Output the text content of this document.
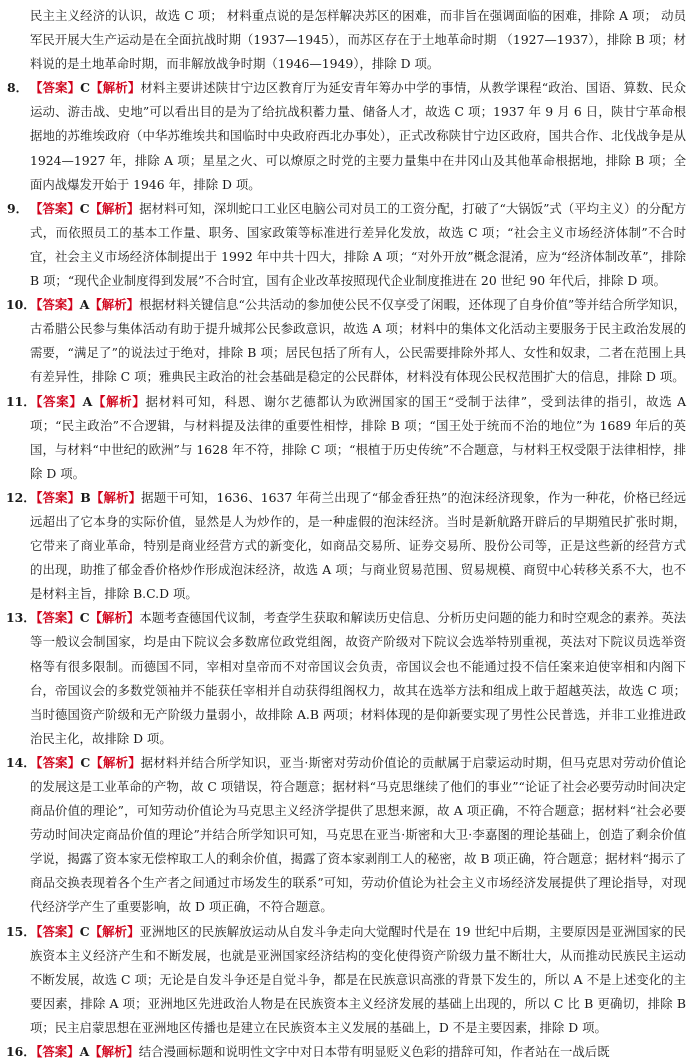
民主主义经济的认识，故选 C 项； 材料重点说的是怎样解决苏区的困难，而非旨在强调面临的困难，排除 A 项； 动员军民开展大生产运动是在全面抗战时期（1937—1945），而苏区存在于土地革命时期 （1927—1937），排除 B 项；材料说的是土地革命时期，而非解放战争时期（1946—1949），排除 D 项。

8． 【答案】C【解析】材料主要讲述陕甘宁边区教育厅为延安青年筹办中学的事情，从教学课程“政治、国语、算数、民众运动、游击战、史地”可以看出目的是为了给抗战积蓄力量、储备人才，故选 C 项；1937 年 9 月 6 日，陕甘宁革命根据地的苏维埃政府（中华苏维埃共和国临时中央政府西北办事处），正式改称陕甘宁边区政府，国共合作、北伐战争是从 1924—1927 年，排除 A 项；星星之火、可以燎原之时党的主要力量集中在井冈山及其他革命根据地，排除 B 项；全面内战爆发开始于 1946 年，排除 D 项。

9． 【答案】C【解析】据材料可知，深圳蛇口工业区电脑公司对员工的工资分配，打破了“大锅饭”式（平均主义）的分配方式，而依照员工的基本工作量、职务、国家政策等标准进行差异化发放，故选 C 项；“社会主义市场经济体制”不合时宜，社会主义市场经济体制提出于 1992 年中共十四大，排除 A 项；“对外开放”概念混淆，应为“经济体制改革”，排除 B 项；“现代企业制度得到发展”不合时宜，国有企业改革按照现代企业制度推进在 20 世纪 90 年代后，排除 D 项。

10．
【答案】A【解析】根据材料关键信息“公共活动的参加使公民不仅享受了闲暇，还体现了自身价值”等并结合所学知识，古希腊公民参与集体活动有助于提升城邦公民参政意识，故选 A 项；材料中的集体文化活动主要服务于民主政治发展的需要，“满足了”的说法过于绝对，排除 B 项；居民包括了所有人，公民需要排除外邦人、女性和奴隶，二者在范围上具有差异性，排除 C 项；雅典民主政治的社会基础是稳定的公民群体，材料没有体现公民权范围扩大的信息，排除 D 项。

11．
【答案】A【解析】据材料可知，科恩、谢尔艺德都认为欧洲国家的国王“受制于法律”，受到法律的指引，故选 A 项；“民主政治”不合逻辑，与材料提及法律的重要性相悖，排除 B 项；“国王处于统而不治的地位”为 1689 年后的英国，与材料“中世纪的欧洲”与 1628 年不符，排除 C 项；“根植于历史传统”不合题意，与材料王权受限于法律相悖，排除 D 项。

12．
【答案】B【解析】据题干可知，1636、1637 年荷兰出现了“郁金香狂热”的泡沫经济现象，作为一种花，价格已经远远超出了它本身的实际价值，显然是人为炒作的，是一种虚假的泡沫经济。当时是新航路开辟后的早期殖民扩张时期，它带来了商业革命，特别是商业经营方式的新变化，如商品交易所、证券交易所、股份公司等，正是这些新的经营方式的出现，助推了郁金香价格炒作形成泡沫经济，故选 A 项；与商业贸易范围、贸易规模、商贸中心转移关系不大，也不是材料主旨，排除 B.C.D 项。

13．
【答案】C【解析】本题考查德国代议制，考查学生获取和解读历史信息、分析历史问题的能力和时空观念的素养。英法等一般议会制国家，均是由下院议会多数席位政党组阁，故资产阶级对下院议会选举特别重视，英法对下院议员选举资格等有很多限制。而德国不同，宰相对皇帝而不对帝国议会负责，帝国议会也不能通过投不信任案来迫使宰相和内阁下台，帝国议会的多数党领袖并不能获任宰相并自动获得组阁权力，故其在选举方法和组成上敢于超越英法，故选 C 项；当时德国资产阶级和无产阶级力量弱小，故排除 A.B 两项；材料体现的是仰新要实现了男性公民普选，并非工业推进政治民主化，故排除 D 项。

14．
【答案】C【解析】据材料并结合所学知识，亚当·斯密对劳动价值论的贡献属于启蒙运动时期，但马克思对劳动价值论的发展这是工业革命的产物，故 C 项错误，符合题意；据材料“马克思继续了他们的事业”“论证了社会必要劳动时间决定商品价值的理论”，可知劳动价值论为马克思主义经济学提供了思想来源，故 A 项正确，不符合题意；据材料“社会必要劳动时间决定商品价值的理论”并结合所学知识可知，马克思在亚当·斯密和大卫·李嘉图的理论基础上，创造了剩余价值学说，揭露了资本家无偿榨取工人的剩余价值，揭露了资本家剥削工人的秘密，故 B 项正确，符合题意；据材料“揭示了商品交换表现着各个生产者之间通过市场发生的联系”可知，劳动价值论为社会主义市场经济发展提供了理论指导，对现代经济学产生了重要影响，故 D 项正确，不符合题意。

15．
【答案】C【解析】亚洲地区的民族解放运动从自发斗争走向大觉醒时代是在 19 世纪中后期，主要原因是亚洲国家的民族资本主义经济产生和不断发展，也就是亚洲国家经济结构的变化使得资产阶级力量不断壮大，从而推动民族民主运动不断发展，故选 C 项；无论是自发斗争还是自觉斗争，都是在民族意识高涨的背景下发生的，所以 A 不是上述变化的主要因素，排除 A 项；亚洲地区先进政治人物是在民族资本主义经济发展的基础上出现的，所以 C 比 B 更确切，排除 B 项；民主启蒙思想在亚洲地区传播也是建立在民族资本主义发展的基础上，D 不是主要因素，排除 D 项。

16．
【答案】A【解析】结合漫画标题和说明性文字中对日本带有明显贬义色彩的措辞可知，作者站在一战后既
